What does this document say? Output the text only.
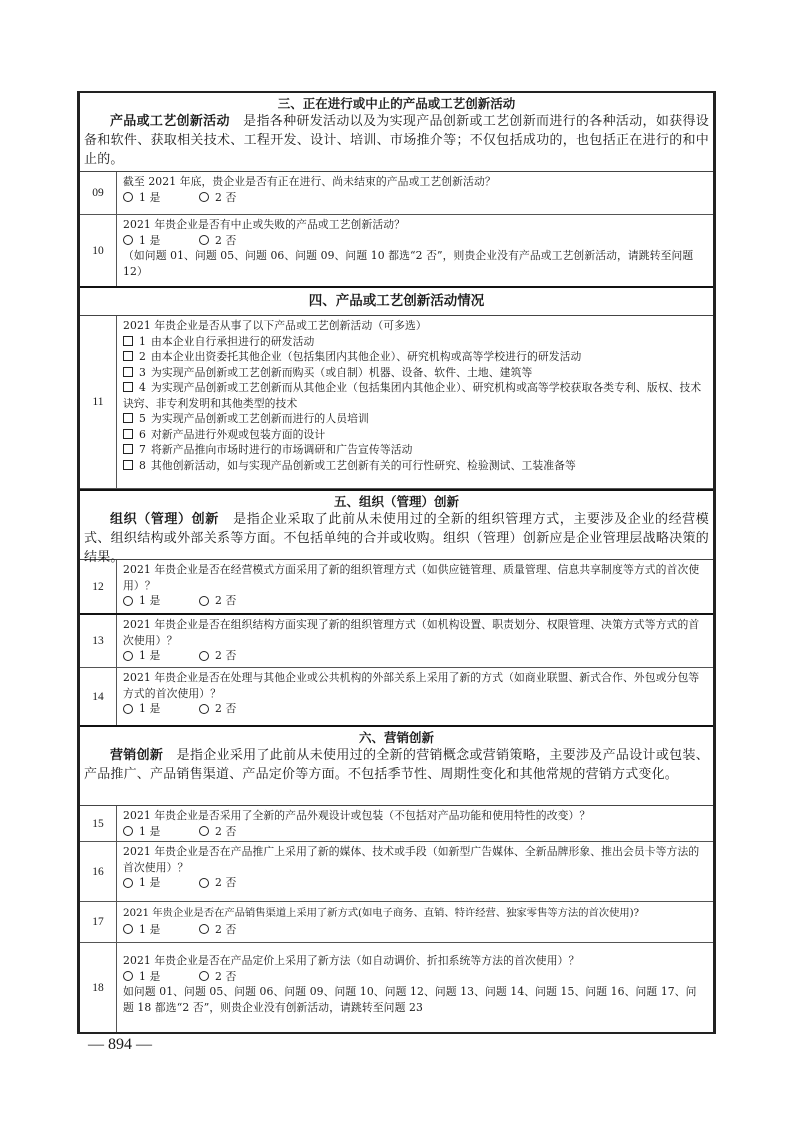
三、正在进行或中止的产品或工艺创新活动
产品或工艺创新活动 是指各种研发活动以及为实现产品创新或工艺创新而进行的各种活动，如获得设备和软件、获取相关技术、工程开发、设计、培训、市场推介等；不仅包括成功的，也包括正在进行的和中止的。
09
截至 2021 年底，贵企业是否有正在进行、尚未结束的产品或工艺创新活动？
1 是	2 否
10
2021 年贵企业是否有中止或失败的产品或工艺创新活动？
1 是	2 否
（如问题 01、问题 05、问题 06、问题 09、问题 10 都选“2 否”，则贵企业没有产品或工艺创新活动，请跳转至问题 12）
四、产品或工艺创新活动情况
11
2021 年贵企业是否从事了以下产品或工艺创新活动（可多选）
1 由本企业自行承担进行的研发活动
2 由本企业出资委托其他企业（包括集团内其他企业）、研究机构或高等学校进行的研发活动
3 为实现产品创新或工艺创新而购买（或自制）机器、设备、软件、土地、建筑等
4 为实现产品创新或工艺创新而从其他企业（包括集团内其他企业）、研究机构或高等学校获取各类专利、版权、技术诀窍、非专利发明和其他类型的技术
5 为实现产品创新或工艺创新而进行的人员培训
6 对新产品进行外观或包装方面的设计
7 将新产品推向市场时进行的市场调研和广告宣传等活动
8 其他创新活动，如与实现产品创新或工艺创新有关的可行性研究、检验测试、工装准备等
五、组织（管理）创新
组织（管理）创新 是指企业采取了此前从未使用过的全新的组织管理方式，主要涉及企业的经营模式、组织结构或外部关系等方面。不包括单纯的合并或收购。组织（管理）创新应是企业管理层战略决策的结果。
12
2021 年贵企业是否在经营模式方面采用了新的组织管理方式（如供应链管理、质量管理、信息共享制度等方式的首次使用）？
1 是	2 否
13
2021 年贵企业是否在组织结构方面实现了新的组织管理方式（如机构设置、职责划分、权限管理、决策方式等方式的首次使用）？
1 是	2 否
14
2021 年贵企业是否在处理与其他企业或公共机构的外部关系上采用了新的方式（如商业联盟、新式合作、外包或分包等方式的首次使用）？
1 是	2 否
六、营销创新
营销创新 是指企业采用了此前从未使用过的全新的营销概念或营销策略，主要涉及产品设计或包装、产品推广、产品销售渠道、产品定价等方面。不包括季节性、周期性变化和其他常规的营销方式变化。
15
2021 年贵企业是否采用了全新的产品外观设计或包装（不包括对产品功能和使用特性的改变）？
1 是	2 否
16
2021 年贵企业是否在产品推广上采用了新的媒体、技术或手段（如新型广告媒体、全新品牌形象、推出会员卡等方法的首次使用）？
1 是	2 否
17
2021 年贵企业是否在产品销售渠道上采用了新方式(如电子商务、直销、特许经营、独家零售等方法的首次使用)?
1 是	2 否
18
2021 年贵企业是否在产品定价上采用了新方法（如自动调价、折扣系统等方法的首次使用）？
1 是	2 否
如问题 01、问题 05、问题 06、问题 09、问题 10、问题 12、问题 13、问题 14、问题 15、问题 16、问题 17、问题 18 都选“2 否”，则贵企业没有创新活动，请跳转至问题 23
— 894 —
